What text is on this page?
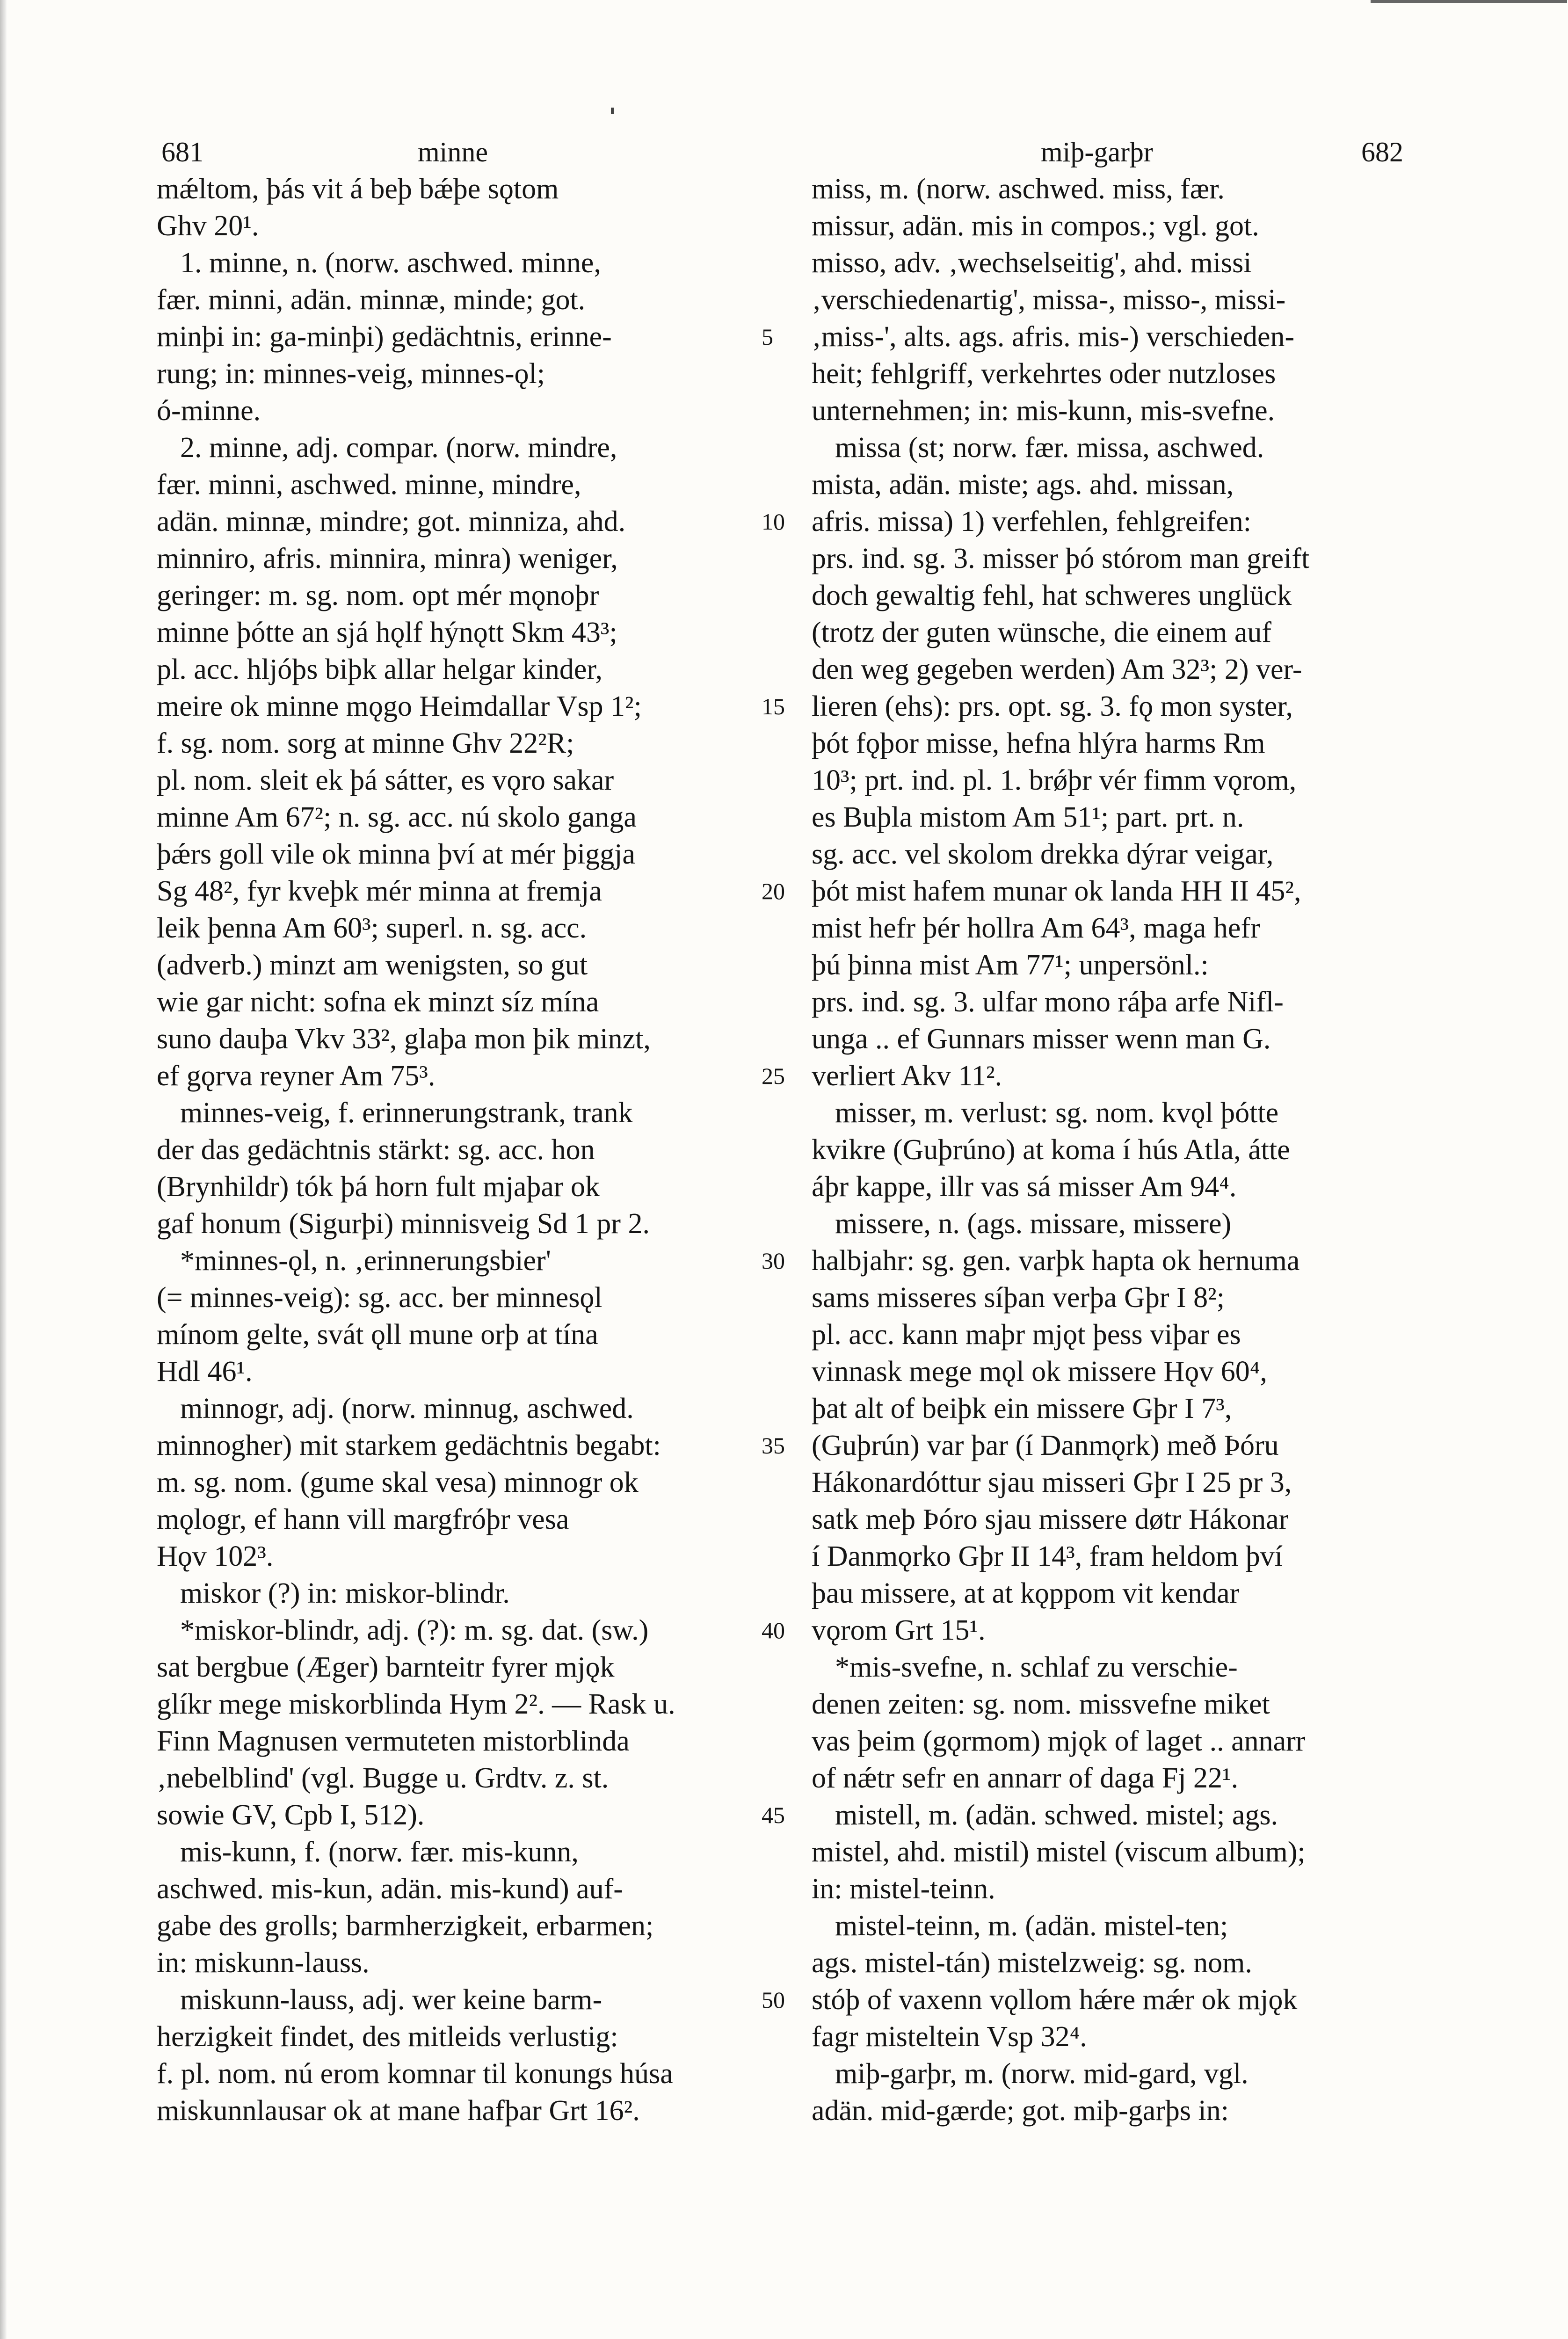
681	minne	miþ-garþr	682

mǽltom, þás vit á beþ bǽþe sǫtom

Ghv 20¹.

1. minne, n. (norw. aschwed. minne,

fær. minni, adän. minnæ, minde; got.

minþi in: ga-minþi) gedächtnis, erinne-

rung; in: minnes-veig, minnes-ǫl;

ó-minne.

2. minne, adj. compar. (norw. mindre,

fær. minni, aschwed. minne, mindre,

adän. minnæ, mindre; got. minniza, ahd.

minniro, afris. minnira, minra) weniger,

geringer: m. sg. nom. opt mér mǫnoþr

minne þótte an sjá hǫlf hýnǫtt Skm 43³;

pl. acc. hljóþs biþk allar helgar kinder,

meire ok minne mǫgo Heimdallar Vsp 1²;

f. sg. nom. sorg at minne Ghv 22²R;

pl. nom. sleit ek þá sátter, es vǫro sakar

minne Am 67²; n. sg. acc. nú skolo ganga

þǽrs goll vile ok minna því at mér þiggja

Sg 48², fyr kveþk mér minna at fremja

leik þenna Am 60³; superl. n. sg. acc.

(adverb.) minzt am wenigsten, so gut

wie gar nicht: sofna ek minzt síz mína

suno dauþa Vkv 33², glaþa mon þik minzt,

ef gǫrva reyner Am 75³.

minnes-veig, f. erinnerungstrank, trank

der das gedächtnis stärkt: sg. acc. hon

(Brynhildr) tók þá horn fult mjaþar ok

gaf honum (Sigurþi) minnisveig Sd 1 pr 2.

*minnes-ǫl, n. ‚erinnerungsbier'

(= minnes-veig): sg. acc. ber minnesǫl

mínom gelte, svát ǫll mune orþ at tína

Hdl 46¹.

minnogr, adj. (norw. minnug, aschwed.

minnogher) mit starkem gedächtnis begabt:

m. sg. nom. (gume skal vesa) minnogr ok

mǫlogr, ef hann vill margfróþr vesa

Hǫv 102³.

miskor (?) in: miskor-blindr.

*miskor-blindr, adj. (?): m. sg. dat. (sw.)

sat bergbue (Æger) barnteitr fyrer mjǫk

glíkr mege miskorblinda Hym 2². — Rask u.

Finn Magnusen vermuteten mistorblinda

‚nebelblind' (vgl. Bugge u. Grdtv. z. st.

sowie GV, Cpb I, 512).

mis-kunn, f. (norw. fær. mis-kunn,

aschwed. mis-kun, adän. mis-kund) auf-

gabe des grolls; barmherzigkeit, erbarmen;

in: miskunn-lauss.

miskunn-lauss, adj. wer keine barm-

herzigkeit findet, des mitleids verlustig:

f. pl. nom. nú erom komnar til konungs húsa

miskunnlausar ok at mane hafþar Grt 16².

miss, m. (norw. aschwed. miss, fær.

missur, adän. mis in compos.; vgl. got.

misso, adv. ‚wechselseitig', ahd. missi

‚verschiedenartig', missa-, misso-, missi-

‚miss-', alts. ags. afris. mis-) verschieden-

heit; fehlgriff, verkehrtes oder nutzloses

unternehmen; in: mis-kunn, mis-svefne.

missa (st; norw. fær. missa, aschwed.

mista, adän. miste; ags. ahd. missan,

afris. missa) 1) verfehlen, fehlgreifen:

prs. ind. sg. 3. misser þó stórom man greift

doch gewaltig fehl, hat schweres unglück

(trotz der guten wünsche, die einem auf

den weg gegeben werden) Am 32³; 2) ver-

lieren (ehs): prs. opt. sg. 3. fǫ mon syster,

þót fǫþor misse, hefna hlýra harms Rm

10³; prt. ind. pl. 1. brǿþr vér fimm vǫrom,

es Buþla mistom Am 51¹; part. prt. n.

sg. acc. vel skolom drekka dýrar veigar,

þót mist hafem munar ok landa HH II 45²,

mist hefr þér hollra Am 64³, maga hefr

þú þinna mist Am 77¹; unpersönl.:

prs. ind. sg. 3. ulfar mono ráþa arfe Nifl-

unga .. ef Gunnars misser wenn man G.

verliert Akv 11².

misser, m. verlust: sg. nom. kvǫl þótte

kvikre (Guþrúno) at koma í hús Atla, átte

áþr kappe, illr vas sá misser Am 94⁴.

missere, n. (ags. missare, missere)

halbjahr: sg. gen. varþk hapta ok hernuma

sams misseres síþan verþa Gþr I 8²;

pl. acc. kann maþr mjǫt þess viþar es

vinnask mege mǫl ok missere Hǫv 60⁴,

þat alt of beiþk ein missere Gþr I 7³,

(Guþrún) var þar (í Danmǫrk) með Þóru

Hákonardóttur sjau misseri Gþr I 25 pr 3,

satk meþ Þóro sjau missere døtr Hákonar

í Danmǫrko Gþr II 14³, fram heldom því

þau missere, at at kǫppom vit kendar

vǫrom Grt 15¹.

*mis-svefne, n. schlaf zu verschie-

denen zeiten: sg. nom. missvefne miket

vas þeim (gǫrmom) mjǫk of laget .. annarr

of nǽtr sefr en annarr of daga Fj 22¹.

mistell, m. (adän. schwed. mistel; ags.

mistel, ahd. mistil) mistel (viscum album);

in: mistel-teinn.

mistel-teinn, m. (adän. mistel-ten;

ags. mistel-tán) mistelzweig: sg. nom.

stóþ of vaxenn vǫllom hǽre mǽr ok mjǫk

fagr misteltein Vsp 32⁴.

miþ-garþr, m. (norw. mid-gard, vgl.

adän. mid-gærde; got. miþ-garþs in:

5
10
15
20
25
30
35
40
45
50
